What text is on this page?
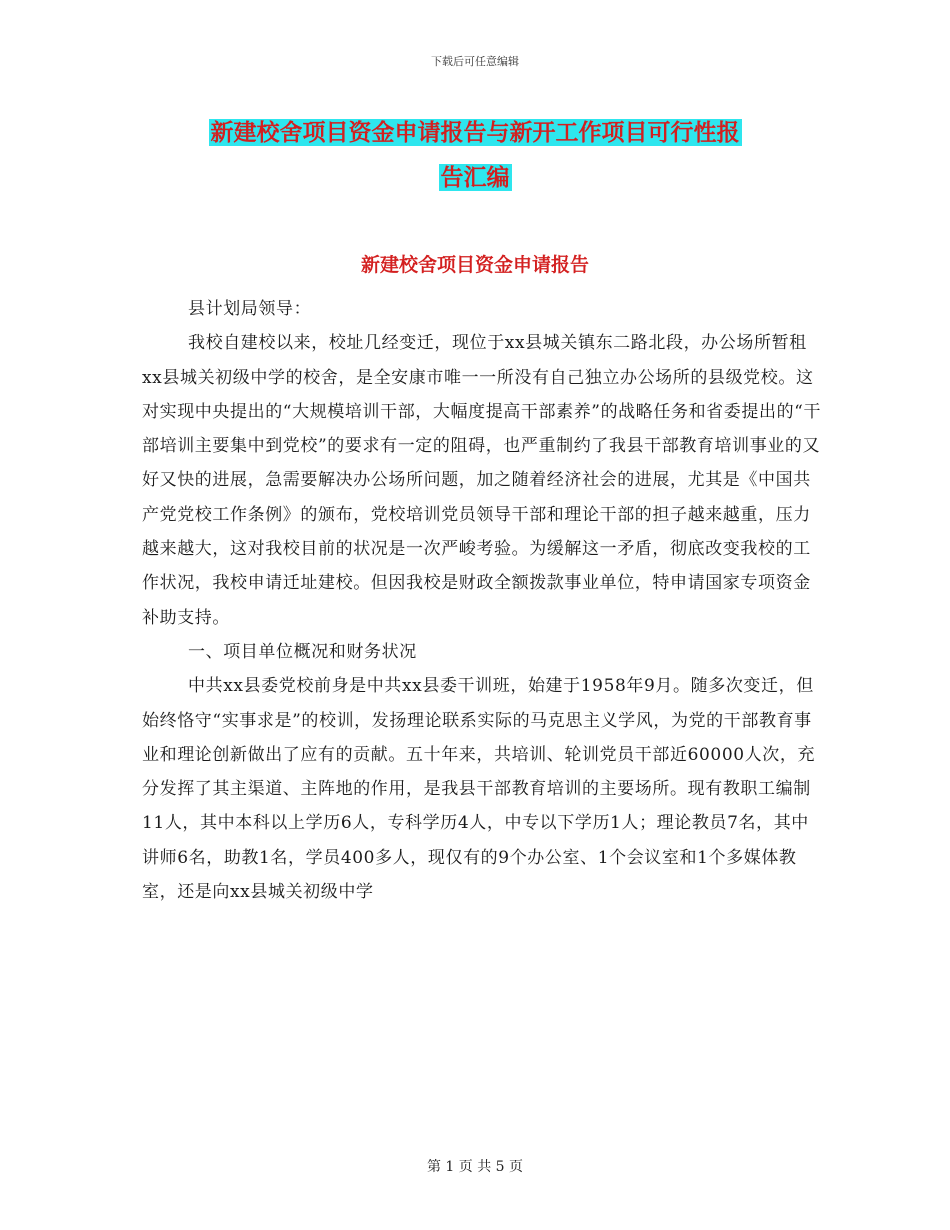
下载后可任意编辑
新建校舍项目资金申请报告与新开工作项目可行性报
告汇编
新建校舍项目资金申请报告

县计划局领导：

我校自建校以来，校址几经变迁，现位于xx县城关镇东二路北段，办公场所暂租xx县城关初级中学的校舍，是全安康市唯一一所没有自己独立办公场所的县级党校。这对实现中央提出的“大规模培训干部，大幅度提高干部素养”的战略任务和省委提出的“干部培训主要集中到党校”的要求有一定的阻碍，也严重制约了我县干部教育培训事业的又好又快的进展，急需要解决办公场所问题，加之随着经济社会的进展，尤其是《中国共产党党校工作条例》的颁布，党校培训党员领导干部和理论干部的担子越来越重，压力越来越大，这对我校目前的状况是一次严峻考验。为缓解这一矛盾，彻底改变我校的工作状况，我校申请迁址建校。但因我校是财政全额拨款事业单位，特申请国家专项资金补助支持。

一、项目单位概况和财务状况

中共xx县委党校前身是中共xx县委干训班，始建于1958年9月。随多次变迁，但始终恪守“实事求是”的校训，发扬理论联系实际的马克思主义学风，为党的干部教育事业和理论创新做出了应有的贡献。五十年来，共培训、轮训党员干部近60000人次，充分发挥了其主渠道、主阵地的作用，是我县干部教育培训的主要场所。现有教职工编制11人，其中本科以上学历6人，专科学历4人，中专以下学历1人；理论教员7名，其中讲师6名，助教1名，学员400多人，现仅有的9个办公室、1个会议室和1个多媒体教室，还是向xx县城关初级中学

第 1 页 共 5 页
